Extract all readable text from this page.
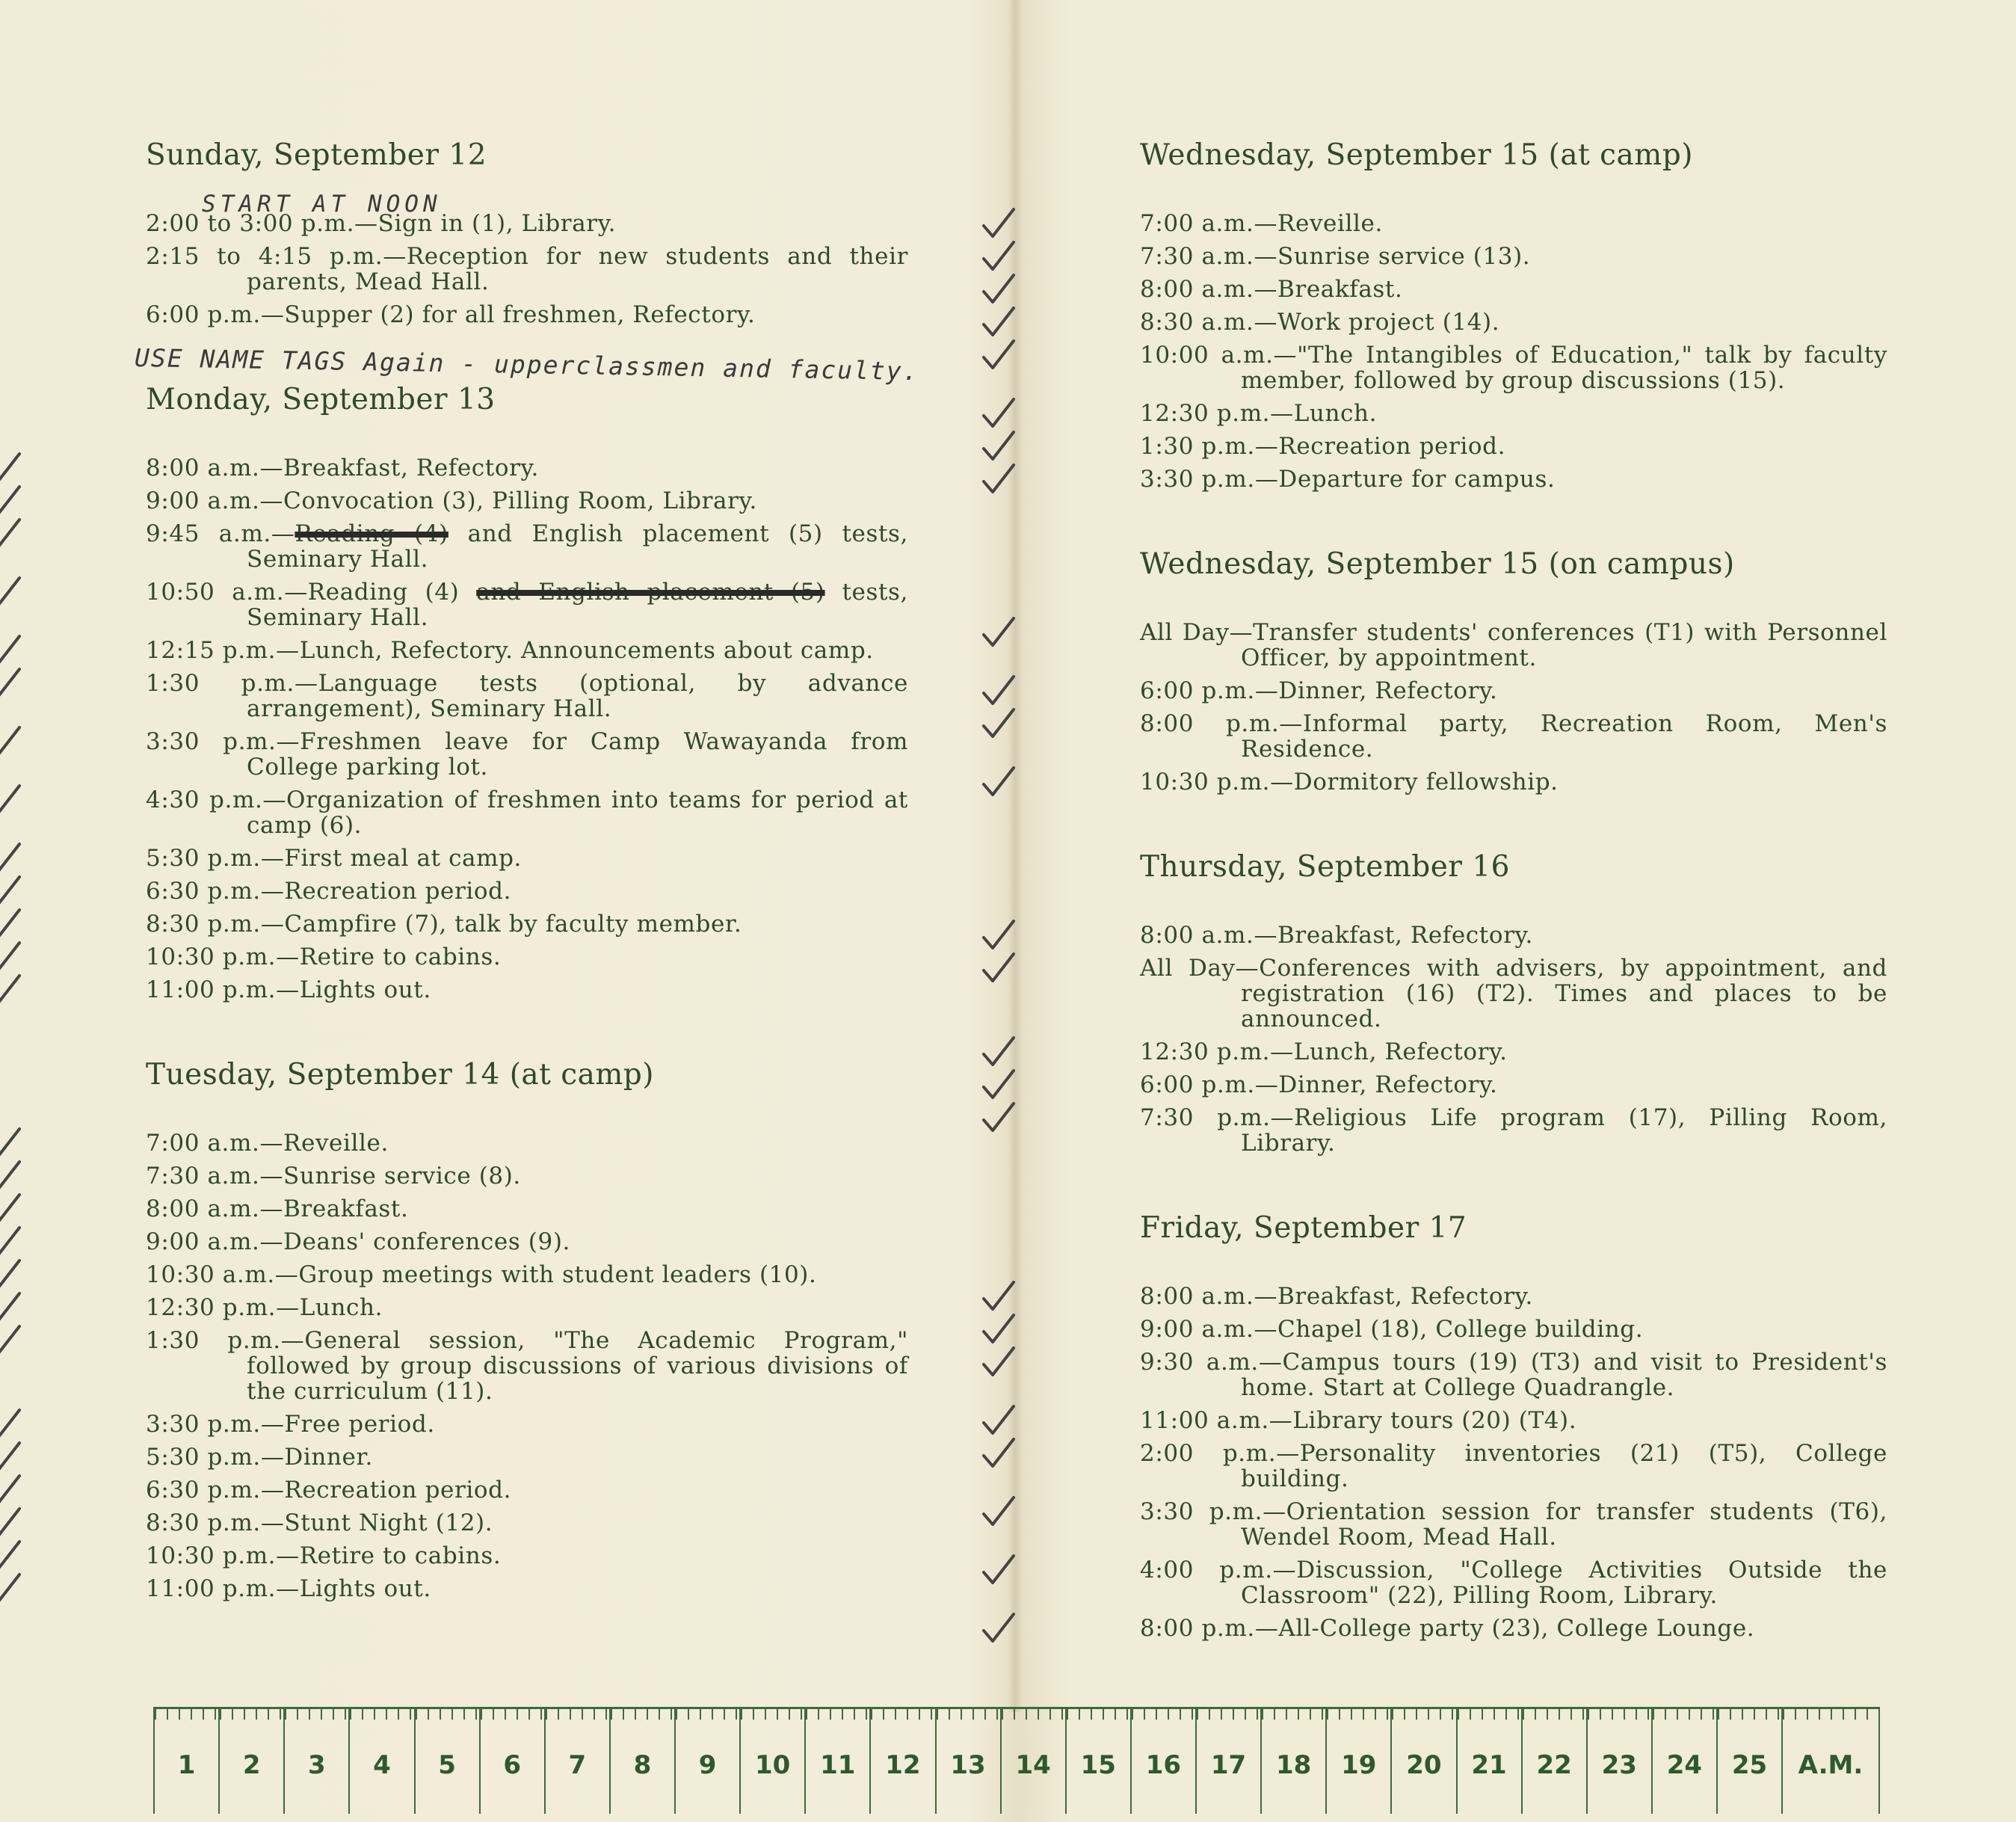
Sunday, September 12
2:00 to 3:00 p.m.—Sign in (1), Library.
2:15 to 4:15 p.m.—Reception for new students and their parents, Mead Hall.
6:00 p.m.—Supper (2) for all freshmen, Refectory.
Monday, September 13
8:00 a.m.—Breakfast, Refectory.
9:00 a.m.—Convocation (3), Pilling Room, Library.
9:45 a.m.—Reading (4) and English placement (5) tests, Seminary Hall.
10:50 a.m.—Reading (4) and English placement (5) tests, Seminary Hall.
12:15 p.m.—Lunch, Refectory. Announcements about camp.
1:30 p.m.—Language tests (optional, by advance arrangement), Seminary Hall.
3:30 p.m.—Freshmen leave for Camp Wawayanda from College parking lot.
4:30 p.m.—Organization of freshmen into teams for period at camp (6).
5:30 p.m.—First meal at camp.
6:30 p.m.—Recreation period.
8:30 p.m.—Campfire (7), talk by faculty member.
10:30 p.m.—Retire to cabins.
11:00 p.m.—Lights out.
Tuesday, September 14 (at camp)
7:00 a.m.—Reveille.
7:30 a.m.—Sunrise service (8).
8:00 a.m.—Breakfast.
9:00 a.m.—Deans' conferences (9).
10:30 a.m.—Group meetings with student leaders (10).
12:30 p.m.—Lunch.
1:30 p.m.—General session, "The Academic Program," followed by group discussions of various divisions of the curriculum (11).
3:30 p.m.—Free period.
5:30 p.m.—Dinner.
6:30 p.m.—Recreation period.
8:30 p.m.—Stunt Night (12).
10:30 p.m.—Retire to cabins.
11:00 p.m.—Lights out.
Wednesday, September 15 (at camp)
7:00 a.m.—Reveille.
7:30 a.m.—Sunrise service (13).
8:00 a.m.—Breakfast.
8:30 a.m.—Work project (14).
10:00 a.m.—"The Intangibles of Education," talk by faculty member, followed by group discussions (15).
12:30 p.m.—Lunch.
1:30 p.m.—Recreation period.
3:30 p.m.—Departure for campus.
Wednesday, September 15 (on campus)
All Day—Transfer students' conferences (T1) with Personnel Officer, by appointment.
6:00 p.m.—Dinner, Refectory.
8:00 p.m.—Informal party, Recreation Room, Men's Residence.
10:30 p.m.—Dormitory fellowship.
Thursday, September 16
8:00 a.m.—Breakfast, Refectory.
All Day—Conferences with advisers, by appointment, and registration (16) (T2). Times and places to be announced.
12:30 p.m.—Lunch, Refectory.
6:00 p.m.—Dinner, Refectory.
7:30 p.m.—Religious Life program (17), Pilling Room, Library.
Friday, September 17
8:00 a.m.—Breakfast, Refectory.
9:00 a.m.—Chapel (18), College building.
9:30 a.m.—Campus tours (19) (T3) and visit to President's home. Start at College Quadrangle.
11:00 a.m.—Library tours (20) (T4).
2:00 p.m.—Personality inventories (21) (T5), College building.
3:30 p.m.—Orientation session for transfer students (T6), Wendel Room, Mead Hall.
4:00 p.m.—Discussion, "College Activities Outside the Classroom" (22), Pilling Room, Library.
8:00 p.m.—All-College party (23), College Lounge.
START AT NOON
USE NAME TAGS Again - upperclassmen and faculty.
1 2 3 4 5 6 7 8 9 10 11 12 13 14 15 16 17 18 19 20 21 22 23 24 25 A.M.
